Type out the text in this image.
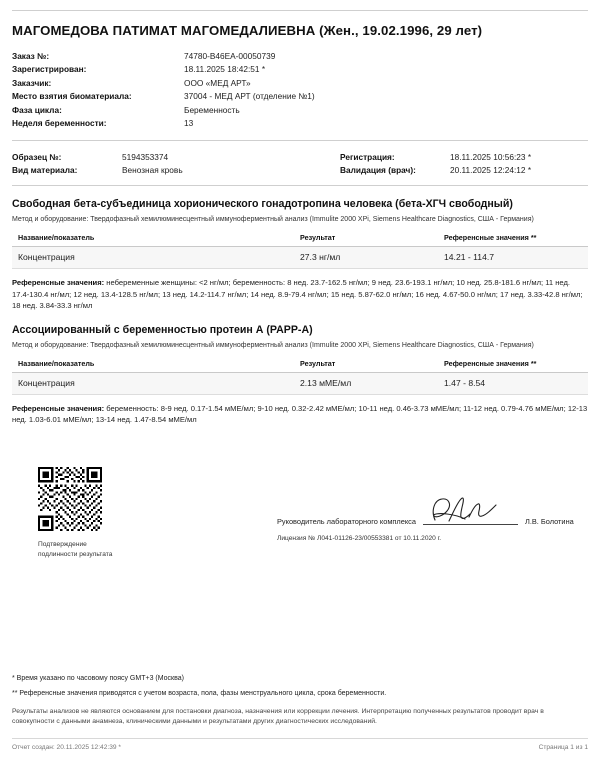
МАГОМЕДОВА ПАТИМАТ МАГОМЕДАЛИЕВНА (Жен., 19.02.1996, 29 лет)
Заказ №:	74780-B46EA-00050739
Зарегистрирован:	18.11.2025 18:42:51 *
Заказчик:	ООО «МЕД АРТ»
Место взятия биоматериала:	37004 - МЕД АРТ (отделение №1)
Фаза цикла:	Беременность
Неделя беременности:	13
Образец №:	5194353374
Вид материала:	Венозная кровь
Регистрация:	18.11.2025 10:56:23 *
Валидация (врач):	20.11.2025 12:24:12 *
Свободная бета-субъединица хорионического гонадотропина человека (бета-ХГЧ свободный)
Метод и оборудование: Твердофазный хемилюминесцентный иммуноферментный анализ (Immulite 2000 XPi, Siemens Healthcare Diagnostics, США - Германия)
Название/показатель	Результат	Референсные значения **
Концентрация	27.3 нг/мл	14.21 - 114.7

Референсные значения: небеременные женщины: <2 нг/мл; беременность: 8 нед. 23.7-162.5 нг/мл; 9 нед. 23.6-193.1 нг/мл; 10 нед. 25.8-181.6 нг/мл; 11 нед. 17.4-130.4 нг/мл; 12 нед. 13.4-128.5 нг/мл; 13 нед. 14.2-114.7 нг/мл; 14 нед. 8.9-79.4 нг/мл; 15 нед. 5.87-62.0 нг/мл; 16 нед. 4.67-50.0 нг/мл; 17 нед. 3.33-42.8 нг/мл; 18 нед. 3.84-33.3 нг/мл

Ассоциированный с беременностью протеин А (PAPP-A)
Метод и оборудование: Твердофазный хемилюминесцентный иммуноферментный анализ (Immulite 2000 XPi, Siemens Healthcare Diagnostics, США - Германия)
Название/показатель	Результат	Референсные значения **
Концентрация	2.13 мМЕ/мл	1.47 - 8.54

Референсные значения: беременность: 8-9 нед. 0.17-1.54 мМЕ/мл; 9-10 нед. 0.32-2.42 мМЕ/мл; 10-11 нед. 0.46-3.73 мМЕ/мл; 11-12 нед. 0.79-4.76 мМЕ/мл; 12-13 нед. 1.03-6.01 мМЕ/мл; 13-14 нед. 1.47-8.54 мМЕ/мл

Подтверждение
подлинности результата
Руководитель лабораторного комплекса	Л.В. Болотина
Лицензия № Л041-01126-23/00553381 от 10.11.2020 г.

* Время указано по часовому поясу GMT+3 (Москва)

** Референсные значения приводятся с учетом возраста, пола, фазы менструального цикла, срока беременности.

Результаты анализов не являются основанием для постановки диагноза, назначения или коррекции лечения. Интерпретацию полученных результатов проводит врач в совокупности с данными анамнеза, клиническими данными и результатами других диагностических исследований.

Отчет создан: 20.11.2025 12:42:39 *	Страница 1 из 1
